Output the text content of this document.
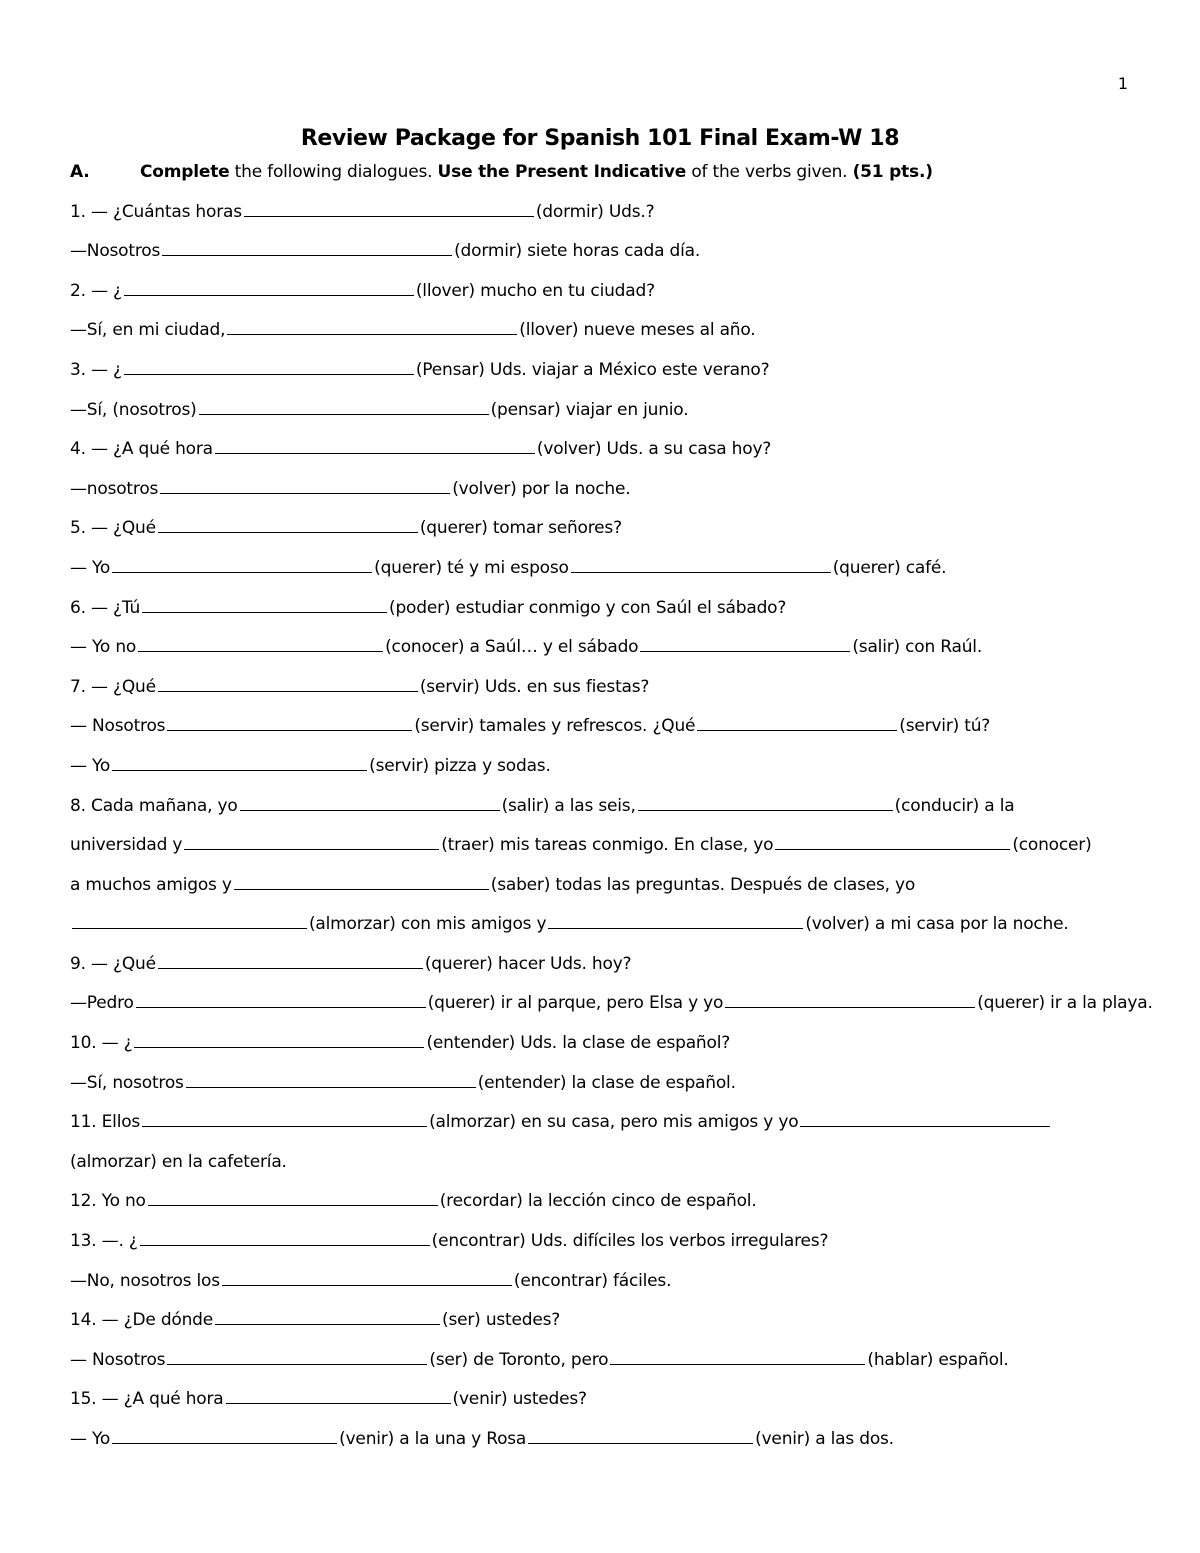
1
Review Package for Spanish 101 Final Exam-W 18
A.	Complete the following dialogues. Use the Present Indicative of the verbs given. (51 pts.)
1. — ¿Cuántas horas	(dormir) Uds.?
—Nosotros	(dormir) siete horas cada día.
2. — ¿	(llover) mucho en tu ciudad?
—Sí, en mi ciudad,	(llover) nueve meses al año.
3. — ¿	(Pensar) Uds. viajar a México este verano?
—Sí, (nosotros)	(pensar) viajar en junio.
4. — ¿A qué hora	(volver) Uds. a su casa hoy?
—nosotros	(volver) por la noche.
5. — ¿Qué	(querer) tomar señores?
— Yo	(querer) té y mi esposo	(querer) café.
6. — ¿Tú	(poder) estudiar conmigo y con Saúl el sábado?
— Yo no	(conocer) a Saúl… y el sábado	(salir) con Raúl.
7. — ¿Qué	(servir) Uds. en sus fiestas?
— Nosotros	(servir) tamales y refrescos. ¿Qué	(servir) tú?
— Yo	(servir) pizza y sodas.
8. Cada mañana, yo	(salir) a las seis,	(conducir) a la
universidad y	(traer) mis tareas conmigo. En clase, yo	(conocer)
a muchos amigos y	(saber) todas las preguntas. Después de clases, yo
(almorzar) con mis amigos y	(volver) a mi casa por la noche.
9. — ¿Qué	(querer) hacer Uds. hoy?
—Pedro	(querer) ir al parque, pero Elsa y yo	(querer) ir a la playa.
10. — ¿	(entender) Uds. la clase de español?
—Sí, nosotros	(entender) la clase de español.
11. Ellos	(almorzar) en su casa, pero mis amigos y yo
(almorzar) en la cafetería.
12. Yo no	(recordar) la lección cinco de español.
13. —. ¿	(encontrar) Uds. difíciles los verbos irregulares?
—No, nosotros los	(encontrar) fáciles.
14. — ¿De dónde	(ser) ustedes?
— Nosotros	(ser) de Toronto, pero	(hablar) español.
15. — ¿A qué hora	(venir) ustedes?
— Yo	(venir) a la una y Rosa	(venir) a las dos.
